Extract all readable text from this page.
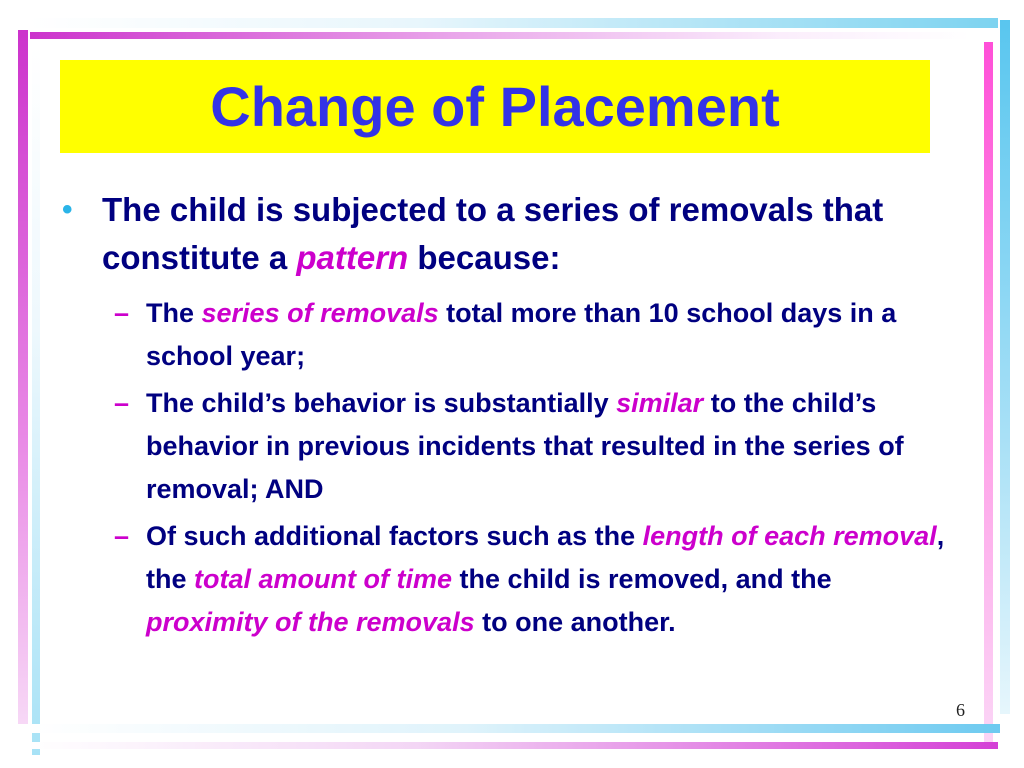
Change of Placement
• The child is subjected to a series of removals that constitute a pattern because:
– The series of removals total more than 10 school days in a school year;
– The child’s behavior is substantially similar to the child’s behavior in previous incidents that resulted in the series of removal; AND
– Of such additional factors such as the length of each removal, the total amount of time the child is removed, and the proximity of the removals to one another.
6
